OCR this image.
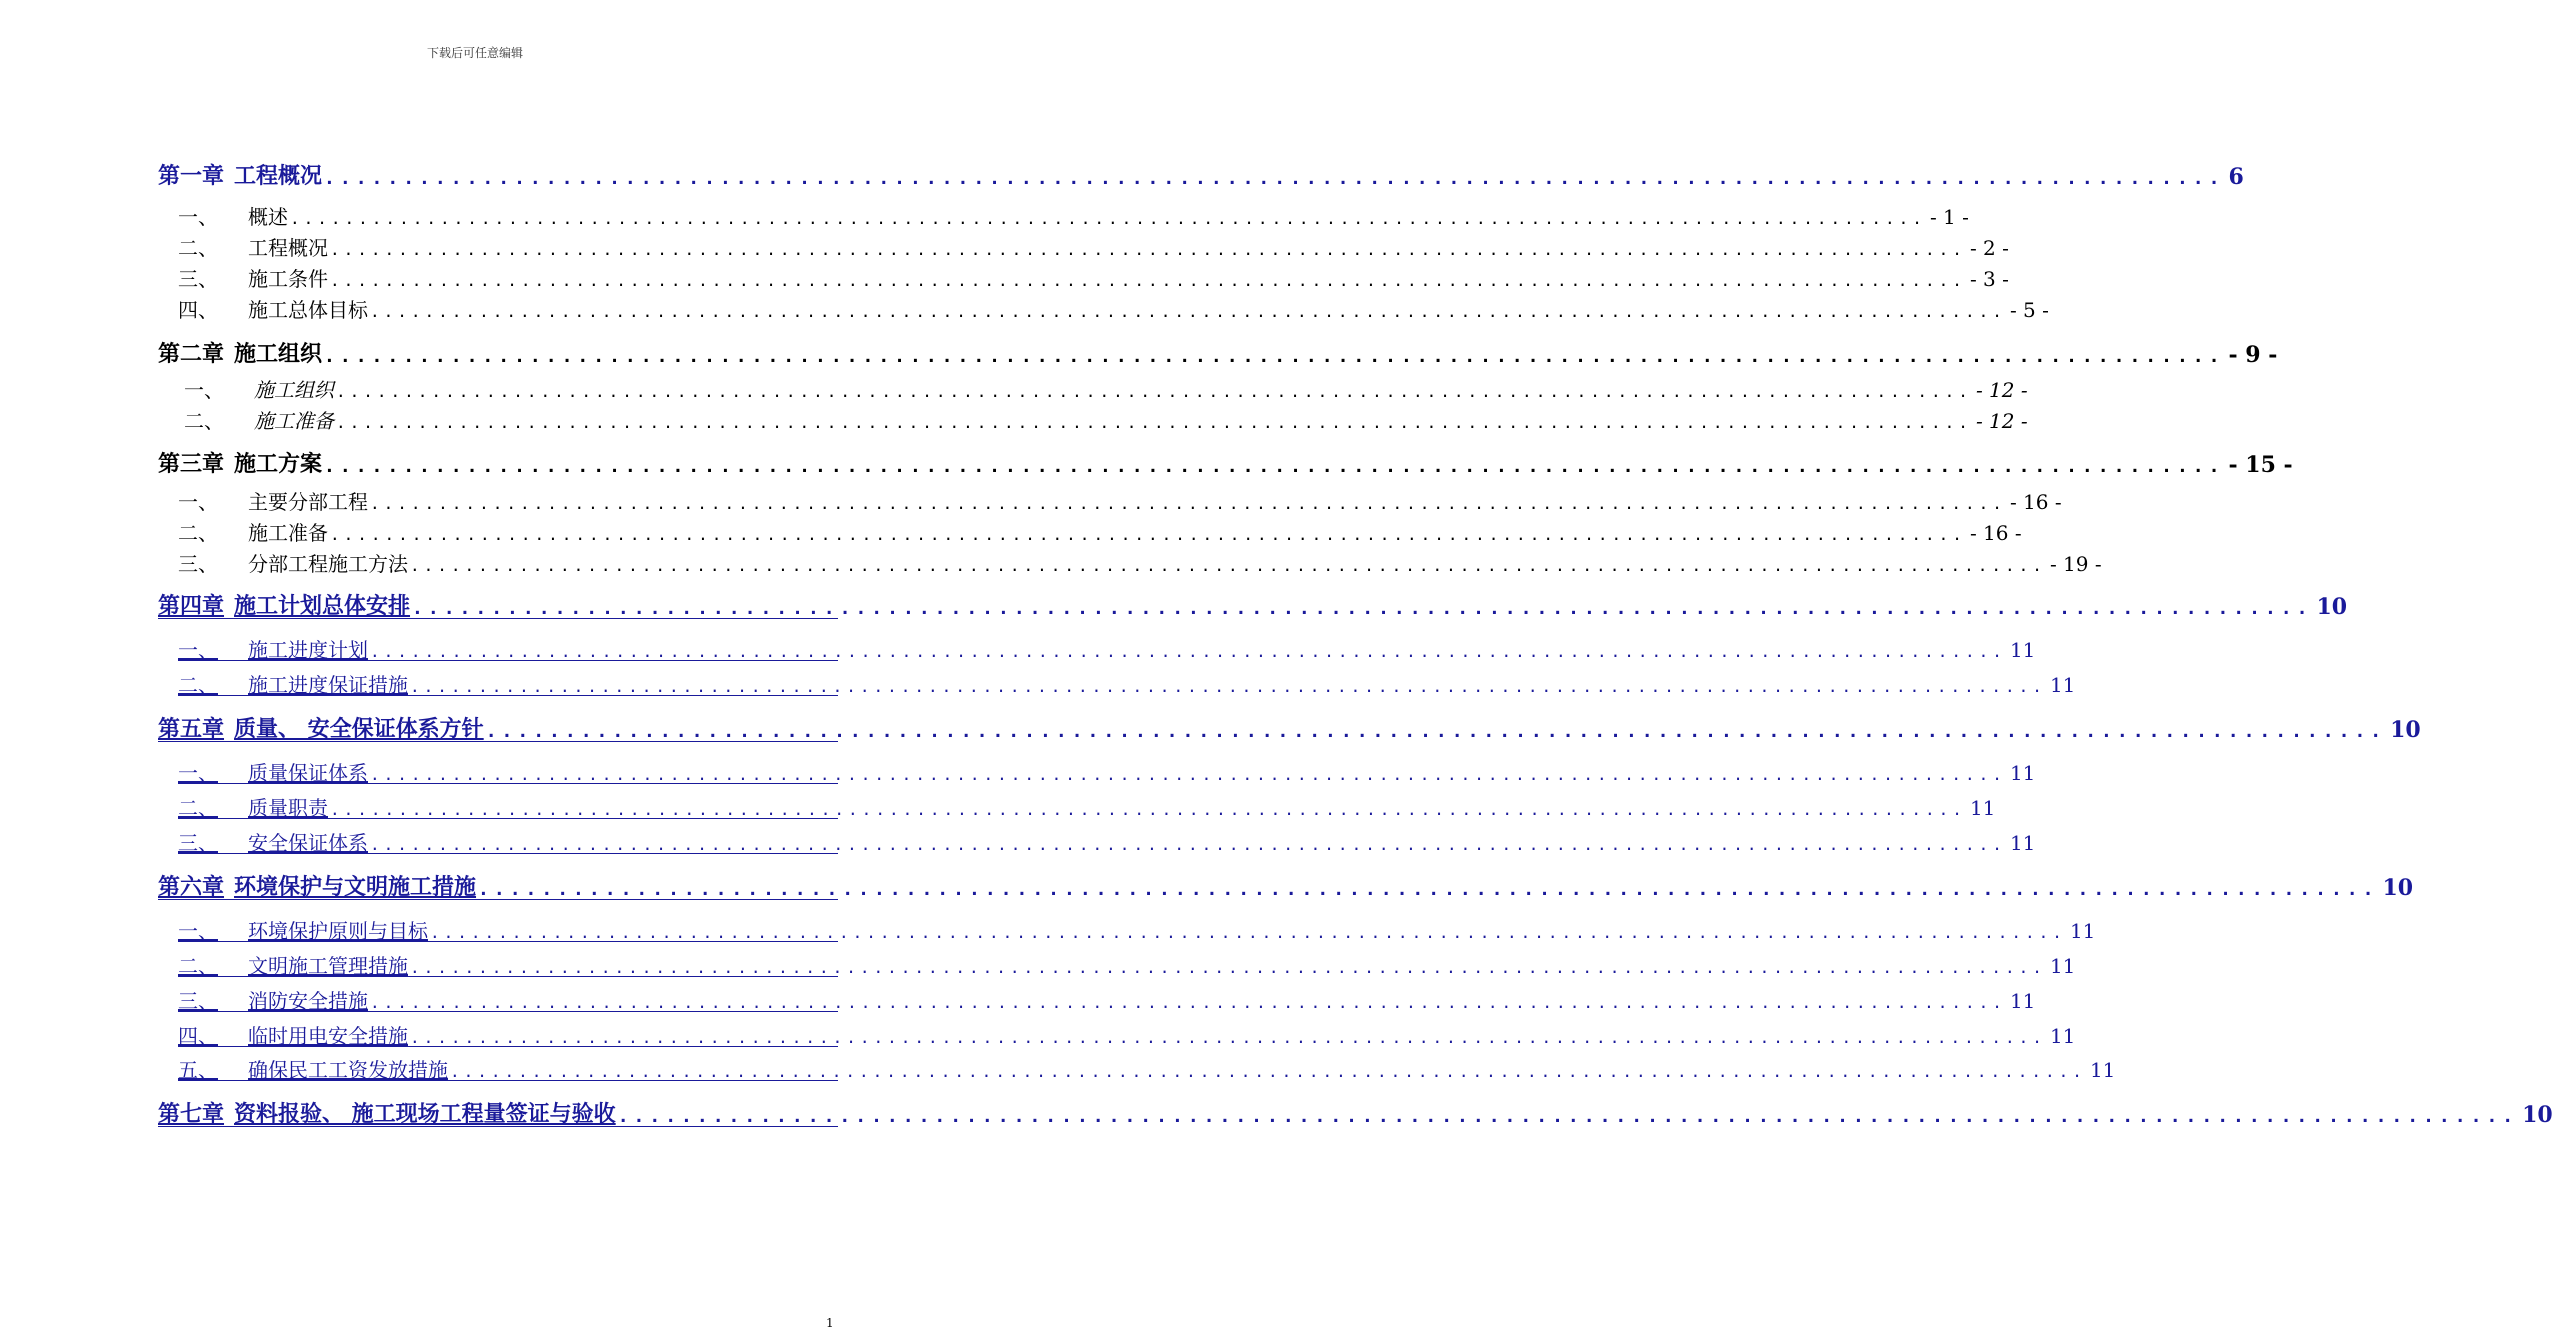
下载后可任意编辑
第一章 工程概况 ........................................................................................................................ 6
一、 概述 ........................................................................................................................ - 1 -
二、 工程概况 ........................................................................................................................ - 2 -
三、 施工条件 ........................................................................................................................ - 3 -
四、 施工总体目标 ........................................................................................................................ - 5 -
第二章 施工组织 ........................................................................................................................ - 9 -
一、 施工组织 ........................................................................................................................ - 12 -
二、 施工准备 ........................................................................................................................ - 12 -
第三章 施工方案 ........................................................................................................................ - 15 -
一、 主要分部工程 ........................................................................................................................ - 16 -
二、 施工准备 ........................................................................................................................ - 16 -
三、 分部工程施工方法 ........................................................................................................................ - 19 -
第四章 施工计划总体安排 ........................................................................................................................ 10
一、 施工进度计划 ........................................................................................................................ 11
二、 施工进度保证措施 ........................................................................................................................ 11
第五章 质量、 安全保证体系方针 ........................................................................................................................ 10
一、 质量保证体系 ........................................................................................................................ 11
二、 质量职责 ........................................................................................................................ 11
三、 安全保证体系 ........................................................................................................................ 11
第六章 环境保护与文明施工措施 ........................................................................................................................ 10
一、 环境保护原则与目标 ........................................................................................................................ 11
二、 文明施工管理措施 ........................................................................................................................ 11
三、 消防安全措施 ........................................................................................................................ 11
四、 临时用电安全措施 ........................................................................................................................ 11
五、 确保民工工资发放措施 ........................................................................................................................ 11
第七章 资料报验、 施工现场工程量签证与验收 ........................................................................................................................ 10
1
